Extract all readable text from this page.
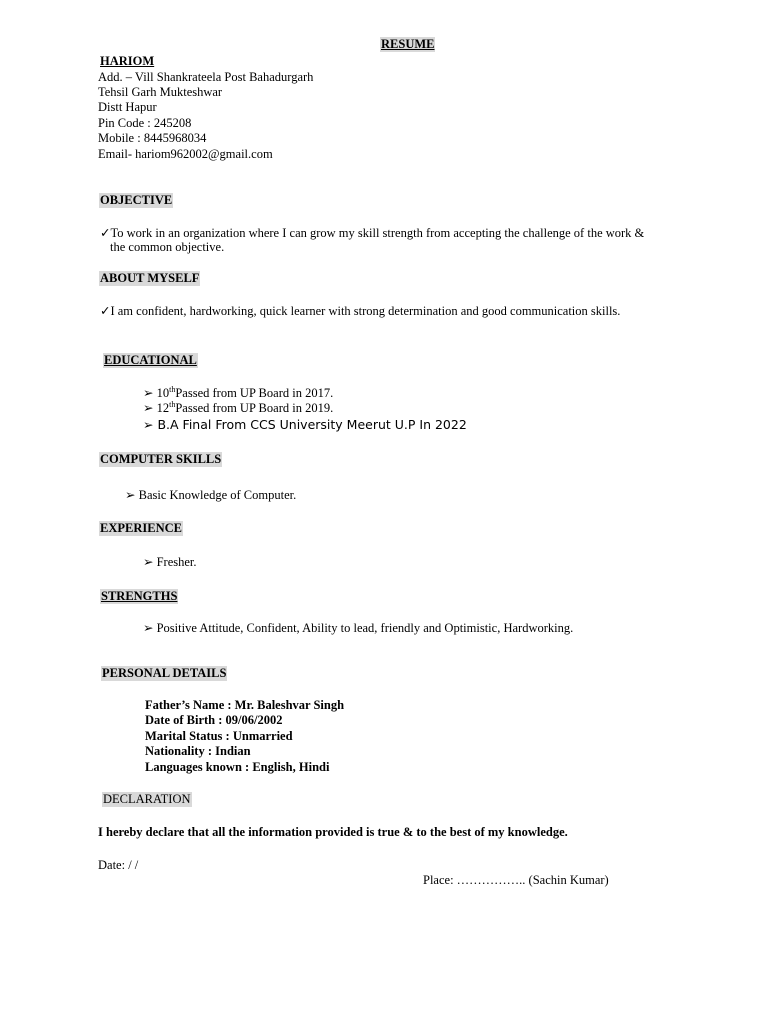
RESUME
HARIOM
Add. – Vill Shankrateela Post Bahadurgarh
Tehsil Garh Mukteshwar
Distt Hapur
Pin Code : 245208
Mobile : 8445968034
Email- hariom962002@gmail.com
OBJECTIVE
✓To work in an organization where I can grow my skill strength from accepting the challenge of the work &
the common objective.
ABOUT MYSELF
✓I am confident, hardworking, quick learner with strong determination and good communication skills.
EDUCATIONAL
➢ 10thPassed from UP Board in 2017.
➢ 12thPassed from UP Board in 2019.
➢ B.A Final From CCS University Meerut U.P In 2022
COMPUTER SKILLS
➢ Basic Knowledge of Computer.
EXPERIENCE
➢ Fresher.
STRENGTHS
➢ Positive Attitude, Confident, Ability to lead, friendly and Optimistic, Hardworking.
PERSONAL DETAILS
Father’s Name : Mr. Baleshvar Singh
Date of Birth : 09/06/2002
Marital Status : Unmarried
Nationality : Indian
Languages known : English, Hindi
DECLARATION
I hereby declare that all the information provided is true & to the best of my knowledge.
Date: / /
Place: …………….. (Sachin Kumar)
